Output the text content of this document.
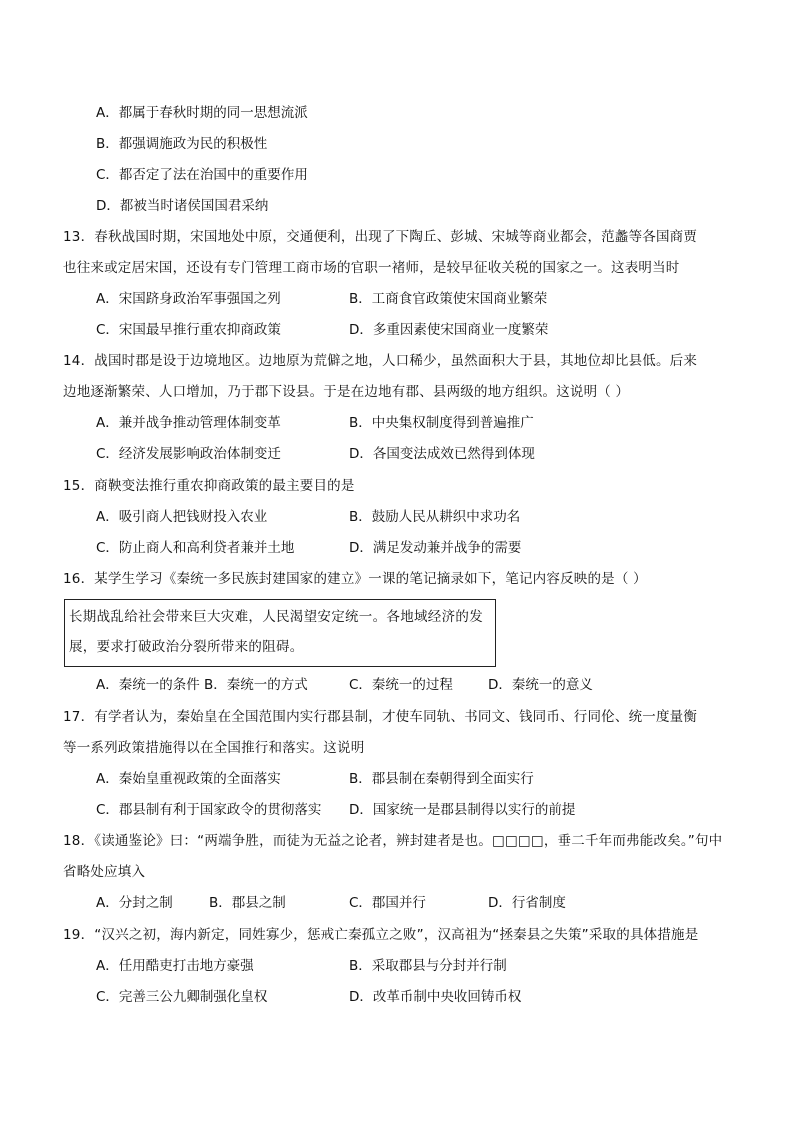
A．都属于春秋时期的同一思想流派
B．都强调施政为民的积极性
C．都否定了法在治国中的重要作用
D．都被当时诸侯国国君采纳
13．春秋战国时期，宋国地处中原，交通便利，出现了下陶丘、彭城、宋城等商业都会，范蠡等各国商贾
也往来或定居宋国，还设有专门管理工商市场的官职一褚师，是较早征收关税的国家之一。这表明当时
A．宋国跻身政治军事强国之列	B．工商食官政策使宋国商业繁荣
C．宋国最早推行重农抑商政策	D．多重因素使宋国商业一度繁荣
14．战国时郡是设于边境地区。边地原为荒僻之地，人口稀少，虽然面积大于县，其地位却比县低。后来
边地逐渐繁荣、人口增加，乃于郡下设县。于是在边地有郡、县两级的地方组织。这说明（ ）
A．兼并战争推动管理体制变革	B．中央集权制度得到普遍推广
C．经济发展影响政治体制变迁	D．各国变法成效已然得到体现
15．商鞅变法推行重农抑商政策的最主要目的是
A．吸引商人把钱财投入农业	B．鼓励人民从耕织中求功名
C．防止商人和高利贷者兼并土地	D．满足发动兼并战争的需要
16．某学生学习《秦统一多民族封建国家的建立》一课的笔记摘录如下，笔记内容反映的是（ ）
长期战乱给社会带来巨大灾难，人民渴望安定统一。各地域经济的发
展，要求打破政治分裂所带来的阻碍。
A．秦统一的条件 B．秦统一的方式	C．秦统一的过程	D．秦统一的意义
17．有学者认为，秦始皇在全国范围内实行郡县制，才使车同轨、书同文、钱同币、行同伦、统一度量衡
等一系列政策措施得以在全国推行和落实。这说明
A．秦始皇重视政策的全面落实	B．郡县制在秦朝得到全面实行
C．郡县制有利于国家政令的贯彻落实 D．国家统一是郡县制得以实行的前提
18．《读通鉴论》曰：“两端争胜，而徒为无益之论者，辨封建者是也。□□□□，垂二千年而弗能改矣。”句中
省略处应填入
A．分封之制	B．郡县之制	C．郡国并行	D．行省制度
19．“汉兴之初，海内新定，同姓寡少，惩戒亡秦孤立之败”，汉高祖为“拯秦县之失策”采取的具体措施是
A．任用酷吏打击地方豪强	B．采取郡县与分封并行制
C．完善三公九卿制强化皇权	D．改革币制中央收回铸币权
